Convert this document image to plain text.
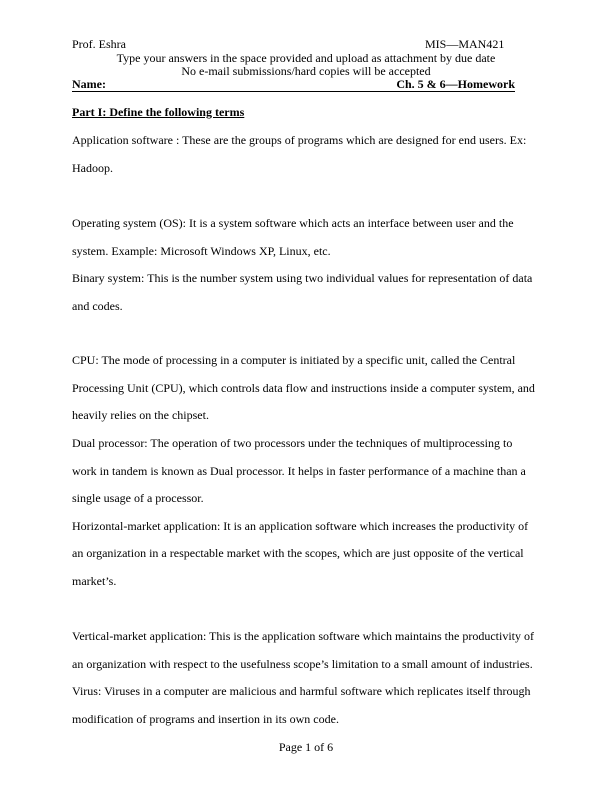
Prof. Eshra	MIS—MAN421
Type your answers in the space provided and upload as attachment by due date
No e-mail submissions/hard copies will be accepted
Name:	Ch. 5 & 6—Homework
Part I: Define the following terms
Application software : These are the groups of programs which are designed for end users. Ex:
Hadoop.
Operating system (OS): It is a system software which acts an interface between user and the
system. Example: Microsoft Windows XP, Linux, etc.
Binary system: This is the number system using two individual values for representation of data
and codes.
CPU: The mode of processing in a computer is initiated by a specific unit, called the Central
Processing Unit (CPU), which controls data flow and instructions inside a computer system, and
heavily relies on the chipset.
Dual processor: The operation of two processors under the techniques of multiprocessing to
work in tandem is known as Dual processor. It helps in faster performance of a machine than a
single usage of a processor.
Horizontal-market application: It is an application software which increases the productivity of
an organization in a respectable market with the scopes, which are just opposite of the vertical
market’s.
Vertical-market application: This is the application software which maintains the productivity of
an organization with respect to the usefulness scope’s limitation to a small amount of industries.
Virus: Viruses in a computer are malicious and harmful software which replicates itself through
modification of programs and insertion in its own code.
Page 1 of 6
